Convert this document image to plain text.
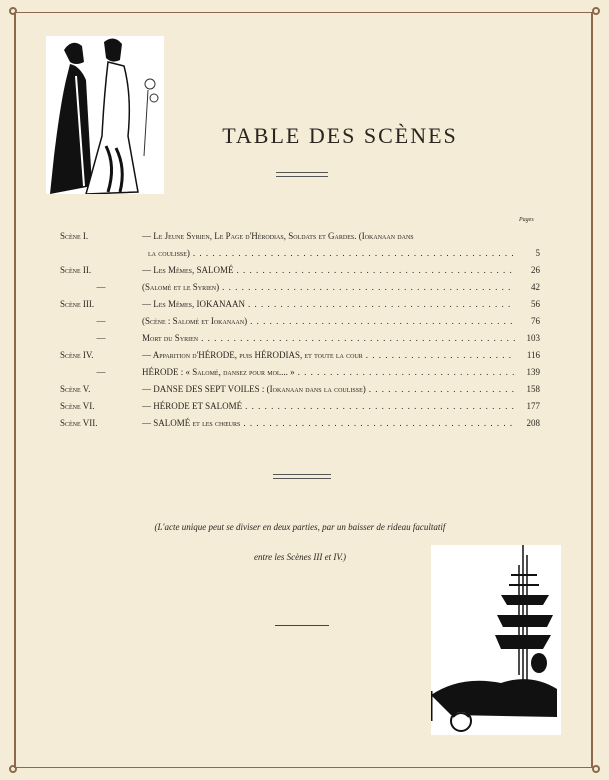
TABLE DES SCÈNES
Pages
Scène I.	— Le Jeune Syrien, Le Page d'Hérodias, Soldats et Gardes. (Iokanaan dans
la coulisse) . . .	5
Scène II.	— Les Mêmes, SALOMÉ . . .	26
—	(Salomé et le Syrien) . . .	42
Scène III.	— Les Mêmes, IOKANAAN . . .	56
—	(Scène : Salomé et Iokanaan) . . .	76
—	Mort du Syrien . . .	103
Scène IV.	— Apparition d'HÉRODE, puis HÉRODIAS, et toute la cour . . .	116
—	HÉRODE : « Salomé, dansez pour moi.... » . . .	139
Scène V.	— DANSE DES SEPT VOILES : (Iokanaan dans la coulisse) . . .	158
Scène VI.	— HÉRODE ET SALOMÉ . . .	177
Scène VII.	— SALOMÉ et les chœurs . . .	208
(L'acte unique peut se diviser en deux parties, par un baisser de rideau facultatif
entre les Scènes III et IV.)
